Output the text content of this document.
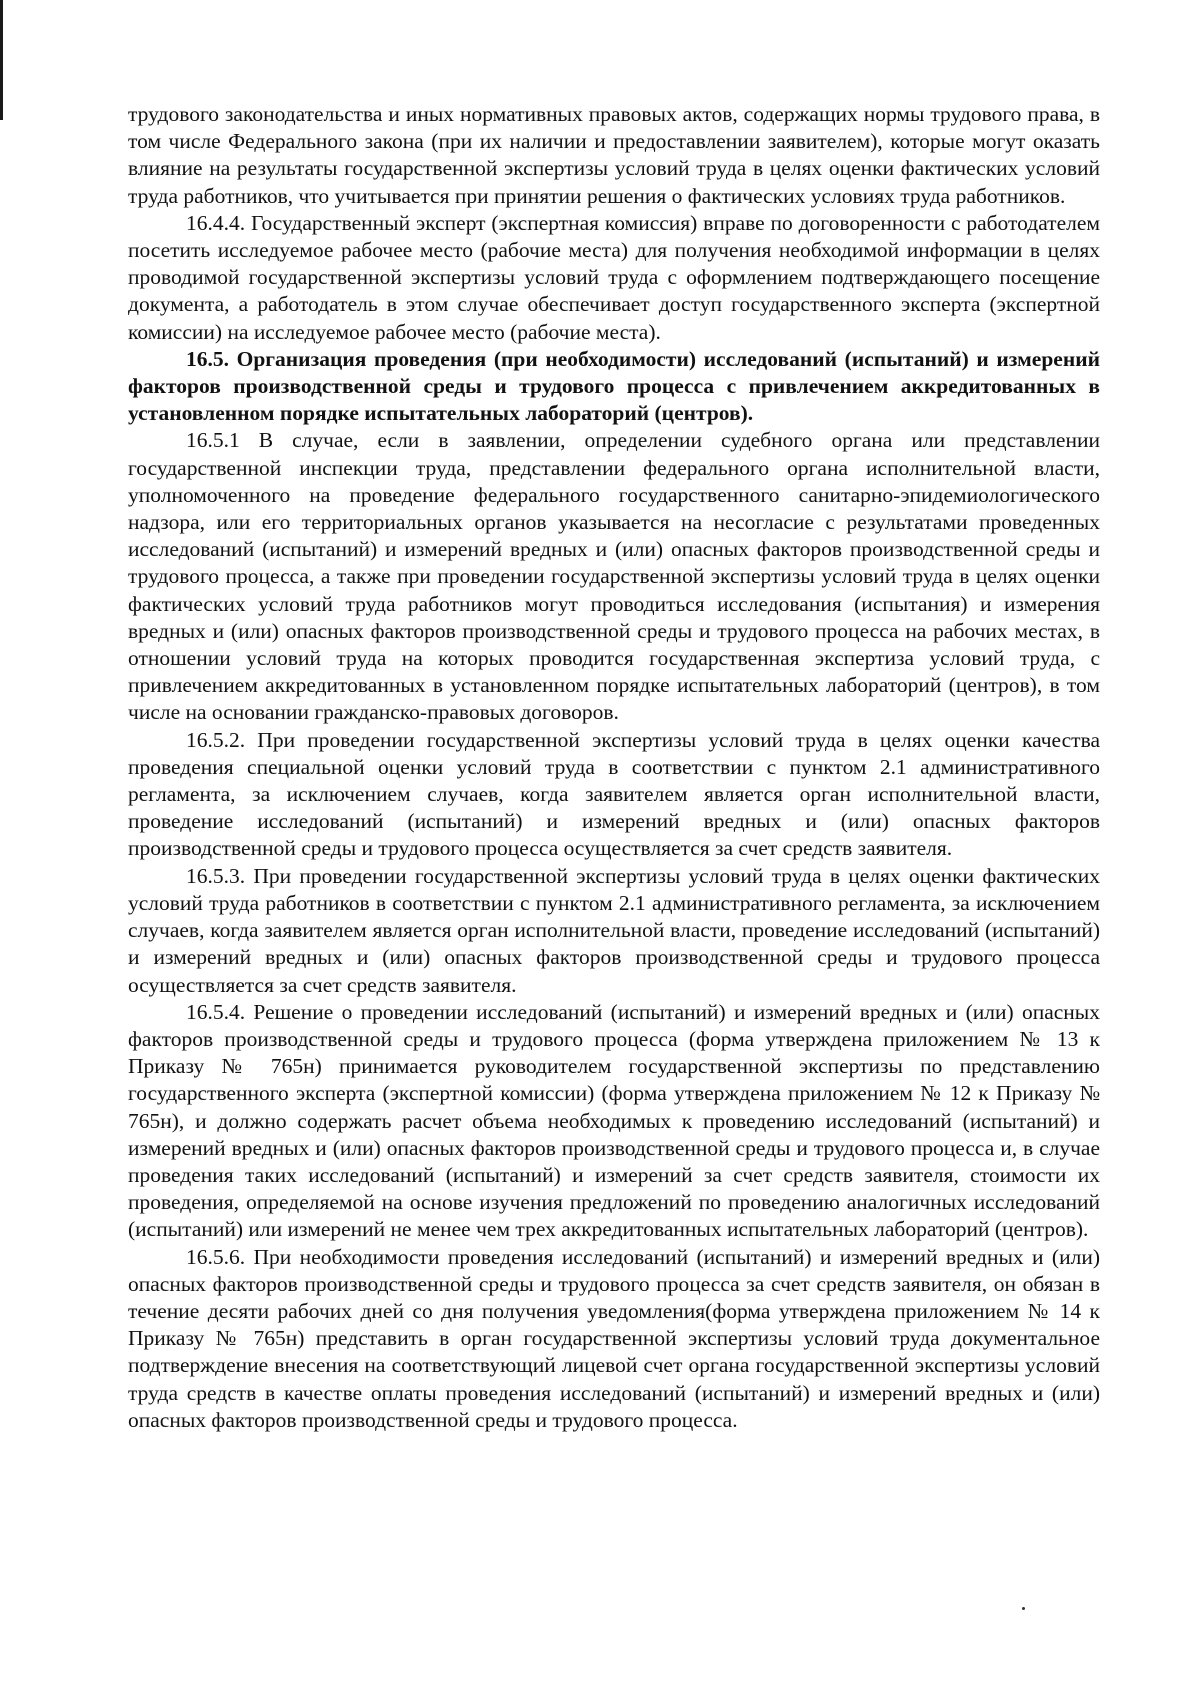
трудового законодательства и иных нормативных правовых актов, содержащих нормы трудового права, в том числе Федерального закона (при их наличии и предоставлении заявителем), которые могут оказать влияние на результаты государственной экспертизы условий труда в целях оценки фактических условий труда работников, что учитывается при принятии решения о фактических условиях труда работников.

16.4.4. Государственный эксперт (экспертная комиссия) вправе по договоренности с работодателем посетить исследуемое рабочее место (рабочие места) для получения необходимой информации в целях проводимой государственной экспертизы условий труда с оформлением подтверждающего посещение документа, а работодатель в этом случае обеспечивает доступ государственного эксперта (экспертной комиссии) на исследуемое рабочее место (рабочие места).

16.5. Организация проведения (при необходимости) исследований (испытаний) и измерений факторов производственной среды и трудового процесса с привлечением аккредитованных в установленном порядке испытательных лабораторий (центров).

16.5.1 В случае, если в заявлении, определении судебного органа или представлении государственной инспекции труда, представлении федерального органа исполнительной власти, уполномоченного на проведение федерального государственного санитарно-эпидемиологического надзора, или его территориальных органов указывается на несогласие с результатами проведенных исследований (испытаний) и измерений вредных и (или) опасных факторов производственной среды и трудового процесса, а также при проведении государственной экспертизы условий труда в целях оценки фактических условий труда работников могут проводиться исследования (испытания) и измерения вредных и (или) опасных факторов производственной среды и трудового процесса на рабочих местах, в отношении условий труда на которых проводится государственная экспертиза условий труда, с привлечением аккредитованных в установленном порядке испытательных лабораторий (центров), в том числе на основании гражданско-правовых договоров.

16.5.2. При проведении государственной экспертизы условий труда в целях оценки качества проведения специальной оценки условий труда в соответствии с пунктом 2.1 административного регламента, за исключением случаев, когда заявителем является орган исполнительной власти, проведение исследований (испытаний) и измерений вредных и (или) опасных факторов производственной среды и трудового процесса осуществляется за счет средств заявителя.

16.5.3. При проведении государственной экспертизы условий труда в целях оценки фактических условий труда работников в соответствии с пунктом 2.1 административного регламента, за исключением случаев, когда заявителем является орган исполнительной власти, проведение исследований (испытаний) и измерений вредных и (или) опасных факторов производственной среды и трудового процесса осуществляется за счет средств заявителя.

16.5.4. Решение о проведении исследований (испытаний) и измерений вредных и (или) опасных факторов производственной среды и трудового процесса (форма утверждена приложением № 13 к Приказу № 765н) принимается руководителем государственной экспертизы по представлению государственного эксперта (экспертной комиссии) (форма утверждена приложением № 12 к Приказу № 765н), и должно содержать расчет объема необходимых к проведению исследований (испытаний) и измерений вредных и (или) опасных факторов производственной среды и трудового процесса и, в случае проведения таких исследований (испытаний) и измерений за счет средств заявителя, стоимости их проведения, определяемой на основе изучения предложений по проведению аналогичных исследований (испытаний) или измерений не менее чем трех аккредитованных испытательных лабораторий (центров).

16.5.6. При необходимости проведения исследований (испытаний) и измерений вредных и (или) опасных факторов производственной среды и трудового процесса за счет средств заявителя, он обязан в течение десяти рабочих дней со дня получения уведомления(форма утверждена приложением № 14 к Приказу № 765н) представить в орган государственной экспертизы условий труда документальное подтверждение внесения на соответствующий лицевой счет органа государственной экспертизы условий труда средств в качестве оплаты проведения исследований (испытаний) и измерений вредных и (или) опасных факторов производственной среды и трудового процесса.
